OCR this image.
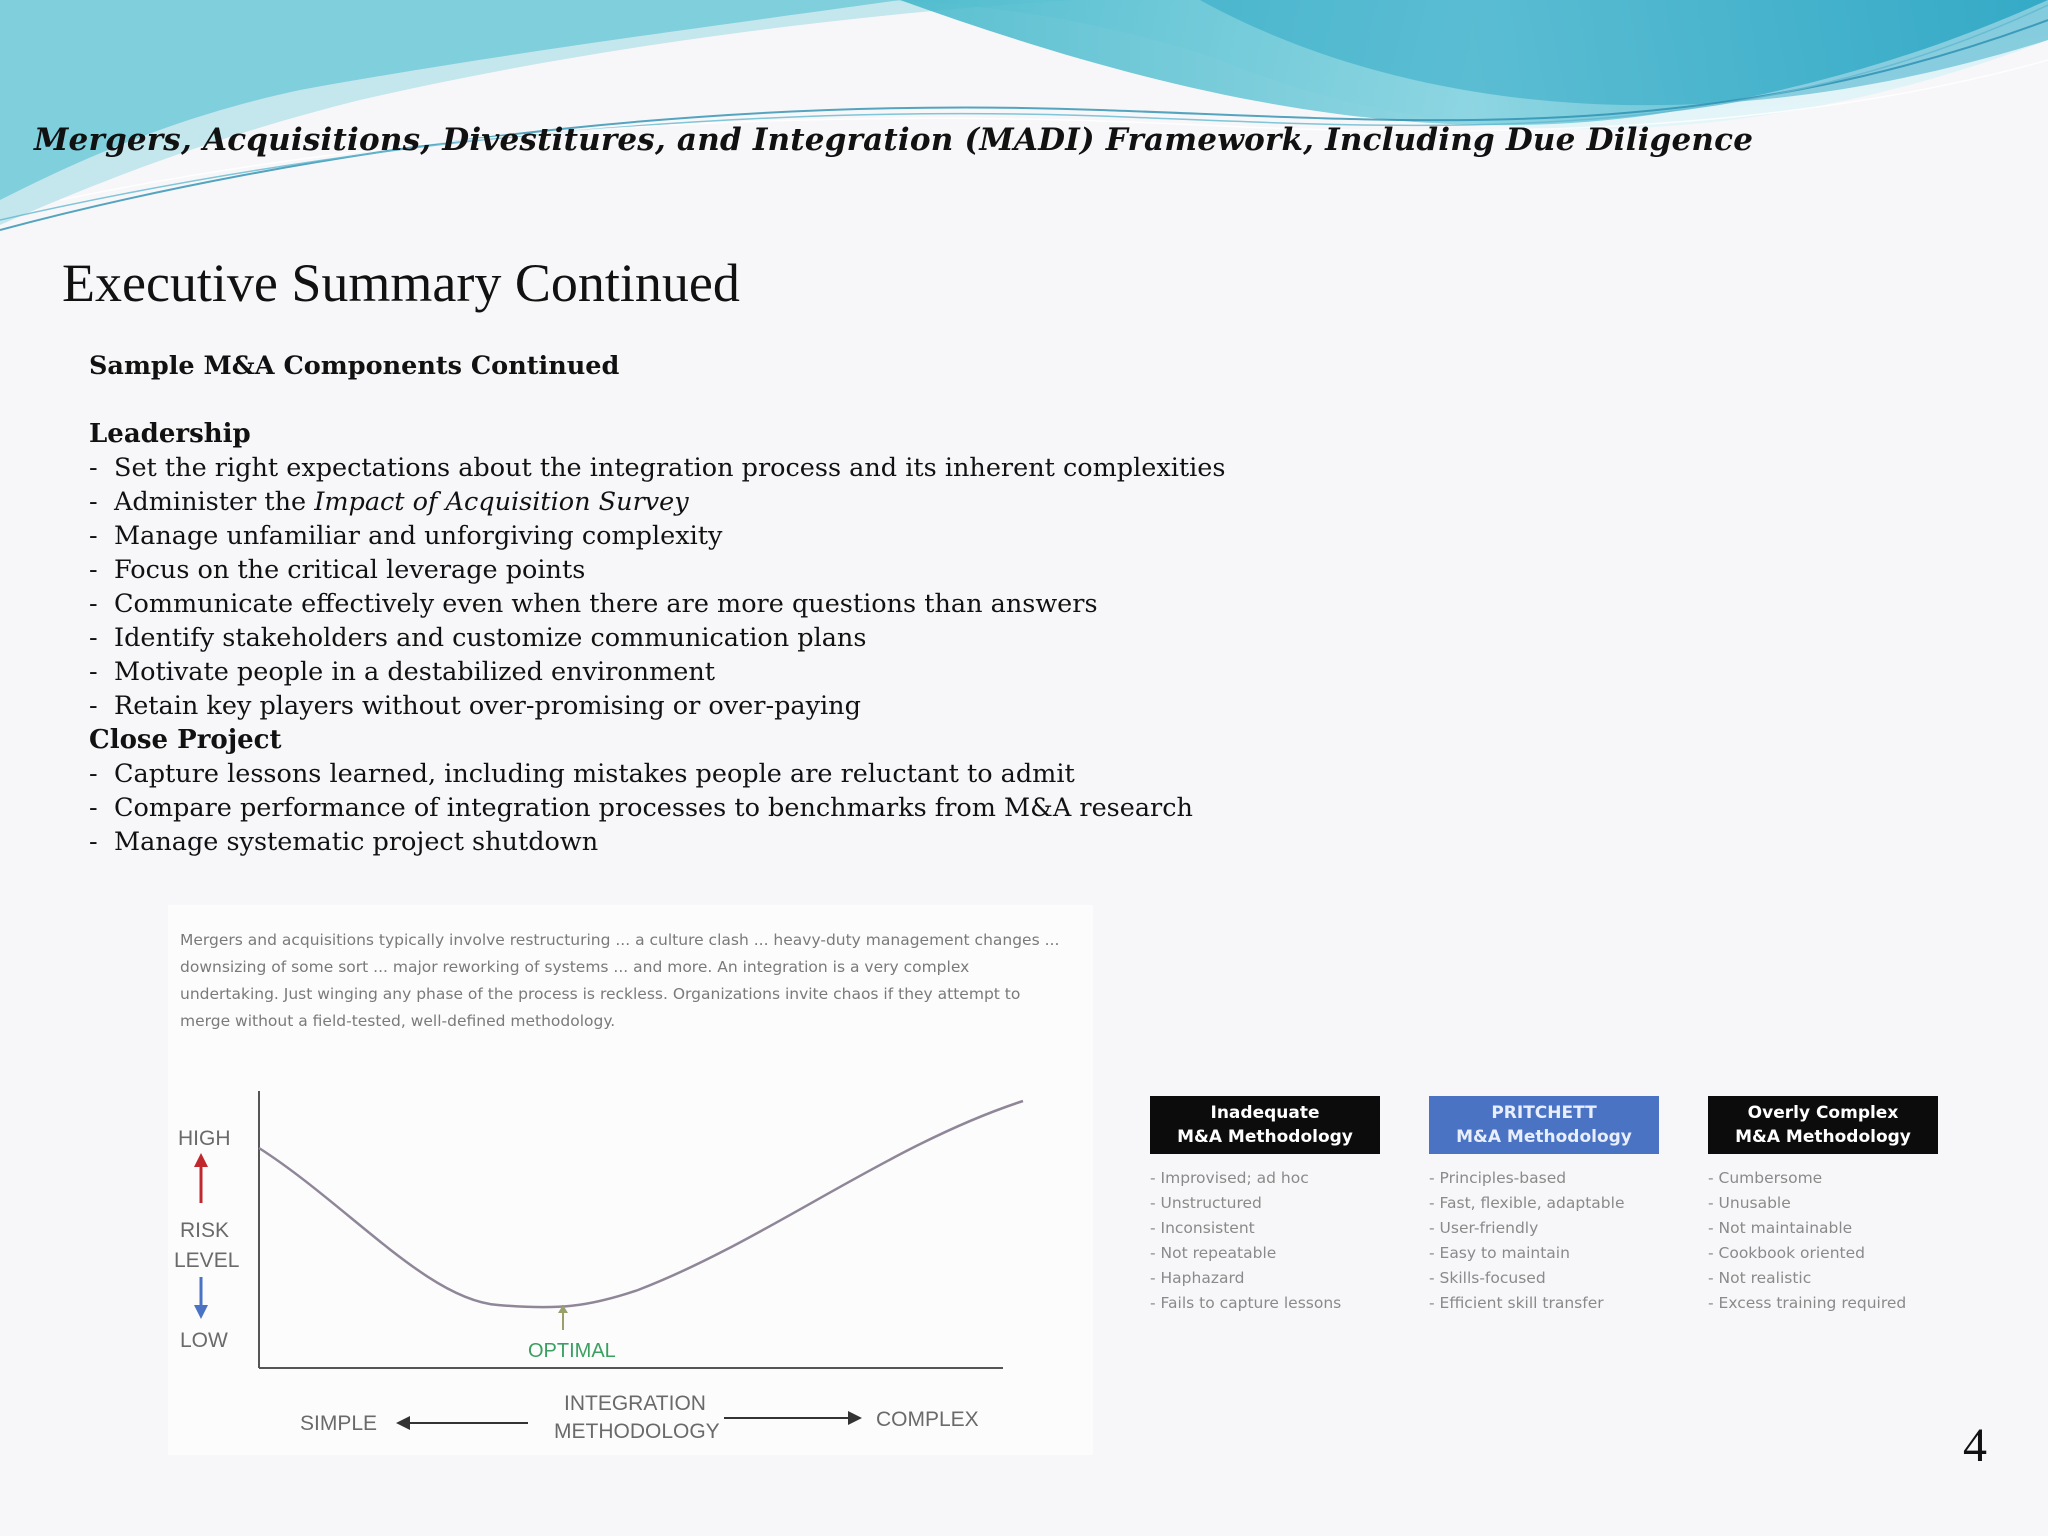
Mergers, Acquisitions, Divestitures, and Integration (MADI) Framework, Including Due Diligence
Executive Summary Continued
Sample M&A Components Continued
Leadership
- Set the right expectations about the integration process and its inherent complexities
- Administer the Impact of Acquisition Survey
- Manage unfamiliar and unforgiving complexity
- Focus on the critical leverage points
- Communicate effectively even when there are more questions than answers
- Identify stakeholders and customize communication plans
- Motivate people in a destabilized environment
- Retain key players without over-promising or over-paying
Close Project
- Capture lessons learned, including mistakes people are reluctant to admit
- Compare performance of integration processes to benchmarks from M&A research
- Manage systematic project shutdown
Mergers and acquisitions typically involve restructuring ... a culture clash ... heavy-duty management changes ... downsizing of some sort ... major reworking of systems ... and more. An integration is a very complex undertaking. Just winging any phase of the process is reckless. Organizations invite chaos if they attempt to merge without a field-tested, well-defined methodology.
HIGH
RISK
LEVEL
LOW	OPTIMAL
SIMPLE
INTEGRATION
METHODOLOGY
COMPLEX
Inadequate
M&A Methodology
- Improvised; ad hoc
- Unstructured
- Inconsistent
- Not repeatable
- Haphazard
- Fails to capture lessons
PRITCHETT
M&A Methodology
- Principles-based
- Fast, flexible, adaptable
- User-friendly
- Easy to maintain
- Skills-focused
- Efficient skill transfer
Overly Complex
M&A Methodology
- Cumbersome
- Unusable
- Not maintainable
- Cookbook oriented
- Not realistic
- Excess training required
4
